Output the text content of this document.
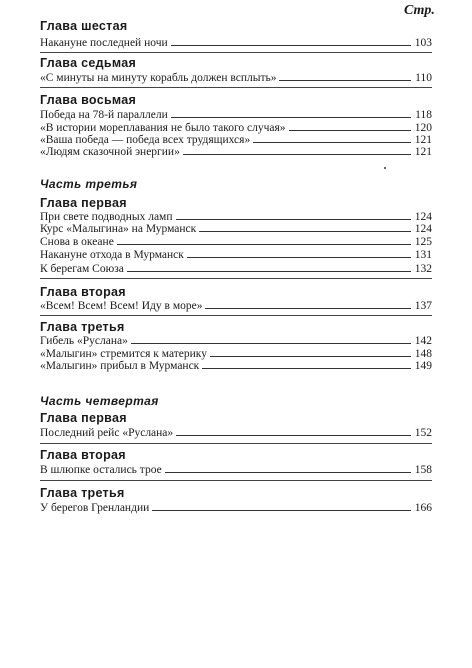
Стр.
Глава шестая
Накануне последней ночи	103
Глава седьмая
«С минуты на минуту корабль должен всплыть»	110
Глава восьмая
Победа на 78-й параллели	118
«В истории мореплавания не было такого случая»	120
«Ваша победа — победа всех трудящихся»	121
«Людям сказочной энергии»	121
Часть третья
Глава первая
При свете подводных ламп	124
Курс «Малыгина» на Мурманск	124
Снова в океане	125
Накануне отхода в Мурманск	131
К берегам Союза	132
Глава вторая
«Всем! Всем! Всем! Иду в море»	137
Глава третья
Гибель «Руслана»	142
«Малыгин» стремится к материку	148
«Малыгин» прибыл в Мурманск	149
Часть четвертая
Глава первая
Последний рейс «Руслана»	152
Глава вторая
В шлюпке остались трое	158
Глава третья
У берегов Гренландии	166
